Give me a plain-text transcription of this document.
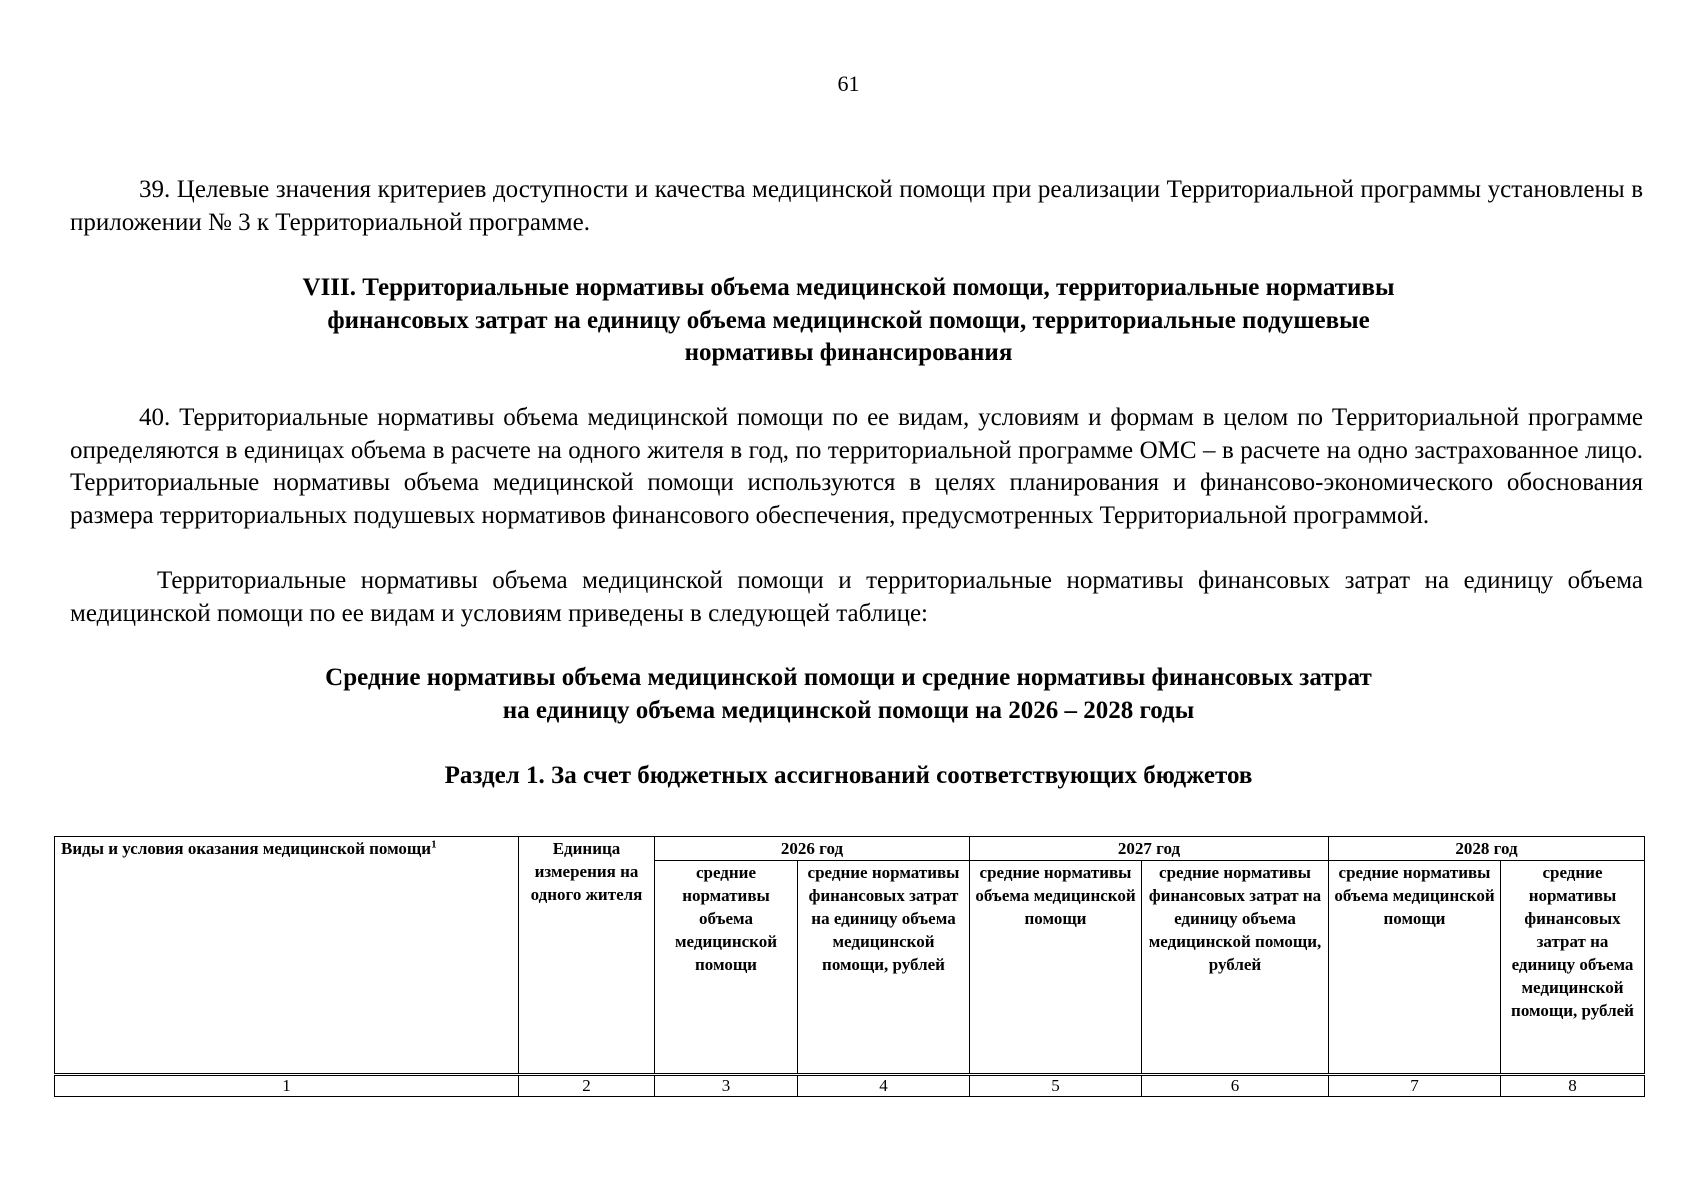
61

39. Целевые значения критериев доступности и качества медицинской помощи при реализации Территориальной программы установлены в приложении № 3 к Территориальной программе.

VIII. Территориальные нормативы объема медицинской помощи, территориальные нормативы
финансовых затрат на единицу объема медицинской помощи, территориальные подушевые
нормативы финансирования

40. Территориальные нормативы объема медицинской помощи по ее видам, условиям и формам в целом по Территориальной программе определяются в единицах объема в расчете на одного жителя в год, по территориальной программе ОМС – в расчете на одно застрахованное лицо. Территориальные нормативы объема медицинской помощи используются в целях планирования и финансово-экономического обоснования размера территориальных подушевых нормативов финансового обеспечения, предусмотренных Территориальной программой.

Территориальные нормативы объема медицинской помощи и территориальные нормативы финансовых затрат на единицу объема медицинской помощи по ее видам и условиям приведены в следующей таблице:

Средние нормативы объема медицинской помощи и средние нормативы финансовых затрат
на единицу объема медицинской помощи на 2026 – 2028 годы
Раздел 1. За счет бюджетных ассигнований соответствующих бюджетов
Виды и условия оказания медицинской помощи$^1$	Единица измерения на одного жителя	2026 год		2027 год		2028 год	
		средние нормативы объема медицинской помощи	средние нормативы финансовых затрат на единицу объема медицинской помощи, рублей	средние нормативы объема медицинской помощи	средние нормативы финансовых затрат на единицу объема медицинской помощи, рублей	средние нормативы объема медицинской помощи	средние нормативы финансовых затрат на единицу объема медицинской помощи, рублей
1	2	3	4	5	6	7	8
